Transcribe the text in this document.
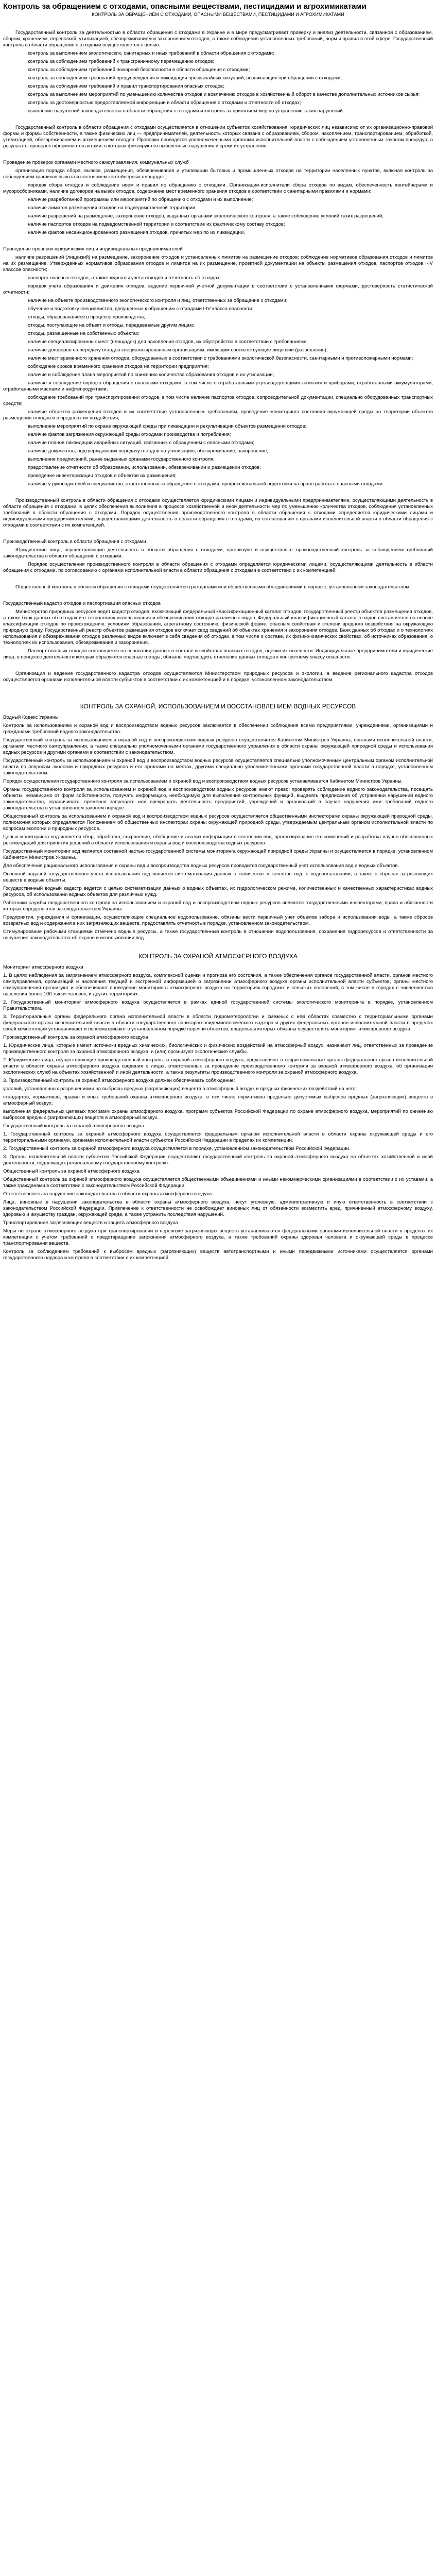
Контроль за обращением с отходами, опасными веществами, пестицидами и агрохимикатами
КОНТРОЛЬ ЗА ОБРАЩЕНИЕМ С ОТХОДАМИ, ОПАСНЫМИ ВЕЩЕСТВАМИ, ПЕСТИЦИДАМИ И АГРОХИМИКАТАМИ
Государственный контроль за деятельностью в области обращения с отходами в Украине и в мире предусматривает проверку и анализ деятельности, связанной с образованием, сбором, хранением, перевозкой, утилизацией, обезвреживанием и захоронением отходов, а также соблюдения установленных требований, норм и правил в этой сфере. Государственный контроль в области обращения с отходами осуществляется с целью:
контроль за выполнением экологических, санитарных и иных требований в области обращения с отходами;
контроль за соблюдением требований к трансграничному перемещению отходов;
контроль за соблюдением требований пожарной безопасности в области обращения с отходами;
контроль за соблюдением требований предупреждения и ликвидации чрезвычайных ситуаций, возникающих при обращении с отходами;
контроль за соблюдением требований и правил транспортирования опасных отходов;
контроль за выполнением мероприятий по уменьшению количества отходов и вовлечению отходов в хозяйственный оборот в качестве дополнительных источников сырья;
контроль за достоверностью предоставляемой информации в области обращения с отходами и отчетности об отходах;
выявление нарушений законодательства в области обращения с отходами и контроль за принятием мер по устранению таких нарушений.
Государственный контроль в области обращения с отходами осуществляется в отношении субъектов хозяйствования, юридических лиц независимо от их организационно-правовой формы и формы собственности, а также физических лиц — предпринимателей, деятельность которых связана с образованием, сбором, накоплением, транспортированием, обработкой, утилизацией, обезвреживанием и размещением отходов. Проверки проводятся уполномоченными органами исполнительной власти с соблюдением установленных законом процедур, а результаты проверок оформляются актами, в которых фиксируются выявленные нарушения и сроки их устранения.
Проведение проверок органами местного самоуправления, коммунальных служб
организация порядка сбора, вывоза, размещения, обезвреживания и утилизации бытовых и промышленных отходов на территории населенных пунктов, включая контроль за соблюдением графиков вывоза и состоянием контейнерных площадок;
порядок сбора отходов и соблюдение норм и правил по обращению с отходами. Организации-исполнители сбора отходов по видам, обеспеченность контейнерами и мусоросборниками, наличие договоров на вывоз отходов, содержание мест временного хранения отходов в соответствии с санитарными правилами и нормами;
наличие разработанной программы или мероприятий по обращению с отходами и их выполнение;
наличие лимитов размещения отходов на подведомственной территории;
наличие разрешений на размещение, захоронение отходов, выданных органами экологического контроля, а также соблюдение условий таких разрешений;
наличие паспортов отходов на подведомственной территории и соответствие их фактическому составу отходов;
наличие фактов несанкционированного размещения отходов, принятых мер по их ликвидации.
Проведение проверок юридических лиц и индивидуальных предпринимателей
наличие разрешений (лицензий) на размещение, захоронение отходов и установленных лимитов на размещение отходов; соблюдение нормативов образования отходов и лимитов на их размещение. Утвержденных нормативов образования отходов и лимитов на их размещение, проектной документации на объекты размещения отходов, паспортов отходов I-IV классов опасности;
паспорта опасных отходов, а также журналы учета отходов и отчетность об отходах;
порядок учета образования и движения отходов, ведение первичной учетной документации в соответствии с установленными формами, достоверность статистической отчетности;
наличие на объекте производственного экологического контроля и лиц, ответственных за обращение с отходами;
обучение и подготовку специалистов, допущенных к обращению с отходами I-IV класса опасности;
отходы, образовавшиеся в процессе производства;
отходы, поступающие на объект и отходы, передаваемые другим лицам;
отходы, размещенные на собственных объектах;
наличие специализированных мест (площадок) для накопления отходов, их обустройство в соответствии с требованиями;
наличие договоров на передачу отходов специализированным организациям, имеющим соответствующие лицензии (разрешения);
наличие мест временного хранения отходов, оборудованных в соответствии с требованиями экологической безопасности, санитарными и противопожарными нормами;
соблюдение сроков временного хранения отходов на территории предприятия;
наличие и соблюдение плана мероприятий по снижению количества образования отходов и их утилизации;
наличие и соблюдение порядка обращения с опасными отходами, в том числе с отработанными ртутьсодержащими лампами и приборами, отработанными аккумуляторами, отработанными маслами и нефтепродуктами;
соблюдение требований при транспортировании отходов, в том числе наличие паспортов отходов, сопроводительной документации, специально оборудованных транспортных средств;
наличие объектов размещения отходов и их соответствие установленным требованиям, проведение мониторинга состояния окружающей среды на территории объектов размещения отходов и в пределах их воздействия;
выполнение мероприятий по охране окружающей среды при ликвидации и рекультивации объектов размещения отходов;
наличие фактов загрязнения окружающей среды отходами производства и потребления;
наличие планов ликвидации аварийных ситуаций, связанных с обращением с опасными отходами;
наличие документов, подтверждающих передачу отходов на утилизацию, обезвреживание, захоронение;
выполнение предписаний, ранее выданных органами государственного контроля;
предоставление отчетности об образовании, использовании, обезвреживании и размещении отходов;
проведение инвентаризации отходов и объектов их размещения;
наличие у руководителей и специалистов, ответственных за обращение с отходами, профессиональной подготовки на право работы с опасными отходами.
Производственный контроль в области обращения с отходами осуществляется юридическими лицами и индивидуальными предпринимателями, осуществляющими деятельность в области обращения с отходами, в целях обеспечения выполнения в процессе хозяйственной и иной деятельности мер по уменьшению количества отходов, соблюдения установленных требований в области обращения с отходами. Порядок осуществления производственного контроля в области обращения с отходами определяется юридическими лицами и индивидуальными предпринимателями, осуществляющими деятельность в области обращения с отходами, по согласованию с органами исполнительной власти в области обращения с отходами в соответствии с их компетенцией.
Производственный контроль в области обращения с отходами
Юридические лица, осуществляющие деятельность в области обращения с отходами, организуют и осуществляют производственный контроль за соблюдением требований законодательства в области обращения с отходами.
Порядок осуществления производственного контроля в области обращения с отходами определяется юридическими лицами, осуществляющими деятельность в области обращения с отходами, по согласованию с органами исполнительной власти в области обращения с отходами в соответствии с их компетенцией.
Общественный контроль в области обращения с отходами осуществляется гражданами или общественными объединениями в порядке, установленном законодательством.
Государственный кадастр отходов и паспортизация опасных отходов
Министерство природных ресурсов ведет кадастр отходов, включающий федеральный классификационный каталог отходов, государственный реестр объектов размещения отходов, а также банк данных об отходах и о технологиях использования и обезвреживания отходов различных видов. Федеральный классификационный каталог отходов составляется на основе классификации отходов по происхождению, условиям образования, агрегатному состоянию, физической форме, опасным свойствам и степени вредного воздействия на окружающую природную среду. Государственный реестр объектов размещения отходов включает свод сведений об объектах хранения и захоронения отходов. Банк данных об отходах и о технологиях использования и обезвреживания отходов различных видов включает в себя сведения об отходах, в том числе о составе, их физико-химических свойствах, об источниках образования, о технологиях их использования, обезвреживания и захоронения.
Паспорт опасных отходов составляется на основании данных о составе и свойствах опасных отходов, оценки их опасности. Индивидуальные предприниматели и юридические лица, в процессе деятельности которых образуются опасные отходы, обязаны подтвердить отнесение данных отходов к конкретному классу опасности.
Организация и ведение государственного кадастра отходов осуществляются Министерством природных ресурсов и экологии, а ведение регионального кадастра отходов осуществляется органами исполнительной власти субъектов в соответствии с их компетенцией и в порядке, установленном законодательством.
КОНТРОЛЬ ЗА ОХРАНОЙ, ИСПОЛЬЗОВАНИЕМ И ВОССТАНОВЛЕНИЕМ ВОДНЫХ РЕСУРСОВ
Водный Кодекс Украины
Контроль за использованием и охраной вод и воспроизводством водных ресурсов заключается в обеспечении соблюдения всеми предприятиями, учреждениями, организациями и гражданами требований водного законодательства.
Государственный контроль за использованием и охраной вод и воспроизводством водных ресурсов осуществляется Кабинетом Министров Украины, органами исполнительной власти, органами местного самоуправления, а также специально уполномоченными органами государственного управления в области охраны окружающей природной среды и использования водных ресурсов и другими органами в соответствии с законодательством.
Государственный контроль за использованием и охраной вод и воспроизводством водных ресурсов осуществляется специально уполномоченным центральным органом исполнительной власти по вопросам экологии и природных ресурсов и его органами на местах, другими специально уполномоченными органами государственной власти в порядке, установленном законодательством.
Порядок осуществления государственного контроля за использованием и охраной вод и воспроизводством водных ресурсов устанавливается Кабинетом Министров Украины.
Органы государственного контроля за использованием и охраной вод и воспроизводством водных ресурсов имеют право: проверять соблюдение водного законодательства, посещать объекты, независимо от форм собственности, получать информацию, необходимую для выполнения контрольных функций, выдавать предписания об устранении нарушений водного законодательства, ограничивать, временно запрещать или прекращать деятельность предприятий, учреждений и организаций в случае нарушения ими требований водного законодательства в установленном законом порядке.
Общественный контроль за использованием и охраной вод и воспроизводством водных ресурсов осуществляется общественными инспекторами охраны окружающей природной среды, полномочия которых определяются Положением об общественных инспекторах охраны окружающей природной среды, утверждаемым центральным органом исполнительной власти по вопросам экологии и природных ресурсов.
Целью мониторинга вод является сбор, обработка, сохранение, обобщение и анализ информации о состоянии вод, прогнозирование его изменений и разработка научно обоснованных рекомендаций для принятия решений в области использования и охраны вод и воспроизводства водных ресурсов.
Государственный мониторинг вод является составной частью государственной системы мониторинга окружающей природной среды Украины и осуществляется в порядке, установленном Кабинетом Министров Украины.
Для обеспечения рационального использования и охраны вод и воспроизводства водных ресурсов проводится государственный учет использования вод и водных объектов.
Основной задачей государственного учета использования вод является систематизация данных о количестве и качестве вод, о водопользовании, а также о сбросах загрязняющих веществ в водные объекты.
Государственный водный кадастр ведется с целью систематизации данных о водных объектах, их гидрологическом режиме, количественных и качественных характеристиках водных ресурсов, об использовании водных объектов для различных нужд.
Работники службы государственного контроля за использованием и охраной вод и воспроизводством водных ресурсов являются государственными инспекторами, права и обязанности которых определяются законодательством Украины.
Предприятия, учреждения и организации, осуществляющие специальное водопользование, обязаны вести первичный учет объемов забора и использования воды, а также сбросов возвратных вод и содержания в них загрязняющих веществ, предоставлять отчетность в порядке, установленном законодательством.
Стимулирование рабочими станциями отмечено водные ресурсы, а также государственный контроль в отношении водопользования, сохранения гидроресурсов и ответственности за нарушение законодательства об охране и использовании вод.
КОНТРОЛЬ ЗА ОХРАНОЙ АТМОСФЕРНОГО ВОЗДУХА
Мониторинг атмосферного воздуха
1. В целях наблюдения за загрязнением атмосферного воздуха, комплексной оценки и прогноза его состояния, а также обеспечения органов государственной власти, органов местного самоуправления, организаций и населения текущей и экстренной информацией о загрязнении атмосферного воздуха органы исполнительной власти субъектов, органы местного самоуправления организуют и обеспечивают проведение мониторинга атмосферного воздуха на территориях городских и сельских поселений, в том числе в городах с численностью населения более 100 тысяч человек, и других территориях.
2. Государственный мониторинг атмосферного воздуха осуществляется в рамках единой государственной системы экологического мониторинга в порядке, установленном Правительством.
3. Территориальные органы федерального органа исполнительной власти в области гидрометеорологии и смежных с ней областях совместно с территориальными органами федерального органа исполнительной власти в области государственного санитарно-эпидемиологического надзора и других федеральных органов исполнительной власти в пределах своей компетенции устанавливают и пересматривают в установленном порядке перечни объектов, владельцы которых обязаны осуществлять мониторинг атмосферного воздуха.
Производственный контроль за охраной атмосферного воздуха
1. Юридические лица, которые имеют источники вредных химических, биологических и физических воздействий на атмосферный воздух, назначают лиц, ответственных за проведение производственного контроля за охраной атмосферного воздуха, и (или) организуют экологические службы.
2. Юридические лица, осуществляющие производственный контроль за охраной атмосферного воздуха, представляют в территориальные органы федерального органа исполнительной власти в области охраны атмосферного воздуха сведения о лицах, ответственных за проведение производственного контроля за охраной атмосферного воздуха, об организации экологических служб на объектах хозяйственной и иной деятельности, а также результаты производственного контроля за охраной атмосферного воздуха.
3. Производственный контроль за охраной атмосферного воздуха должен обеспечивать соблюдение:
условий, установленных разрешениями на выбросы вредных (загрязняющих) веществ в атмосферный воздух и вредных физических воздействий на него;
стандартов, нормативов, правил и иных требований охраны атмосферного воздуха, в том числе нормативов предельно допустимых выбросов вредных (загрязняющих) веществ в атмосферный воздух;
выполнения федеральных целевых программ охраны атмосферного воздуха, программ субъектов Российской Федерации по охране атмосферного воздуха, мероприятий по снижению выбросов вредных (загрязняющих) веществ в атмосферный воздух.
Государственный контроль за охраной атмосферного воздуха
1. Государственный контроль за охраной атмосферного воздуха осуществляется федеральным органом исполнительной власти в области охраны окружающей среды и его территориальными органами, органами исполнительной власти субъектов Российской Федерации в пределах их компетенции.
2. Государственный контроль за охраной атмосферного воздуха осуществляется в порядке, установленном законодательством Российской Федерации.
3. Органы исполнительной власти субъектов Российской Федерации осуществляют государственный контроль за охраной атмосферного воздуха на объектах хозяйственной и иной деятельности, подлежащих региональному государственному контролю.
Общественный контроль за охраной атмосферного воздуха
Общественный контроль за охраной атмосферного воздуха осуществляется общественными объединениями и иными некоммерческими организациями в соответствии с их уставами, а также гражданами в соответствии с законодательством Российской Федерации.
Ответственность за нарушение законодательства в области охраны атмосферного воздуха
Лица, виновные в нарушении законодательства в области охраны атмосферного воздуха, несут уголовную, административную и иную ответственность в соответствии с законодательством Российской Федерации. Привлечение к ответственности не освобождает виновных лиц от обязанности возместить вред, причиненный атмосферному воздуху, здоровью и имуществу граждан, окружающей среде, а также устранить последствия нарушений.
Транспортирование загрязняющих веществ и защита атмосферного воздуха
Меры по охране атмосферного воздуха при транспортировании и перевозке загрязняющих веществ устанавливаются федеральными органами исполнительной власти в пределах их компетенции с учетом требований о предотвращении загрязнения атмосферного воздуха, а также требований охраны здоровья человека и окружающей среды в процессе транспортирования веществ.
Контроль за соблюдением требований к выбросам вредных (загрязняющих) веществ автотранспортными и иными передвижными источниками осуществляется органами государственного надзора и контроля в соответствии с их компетенцией.
